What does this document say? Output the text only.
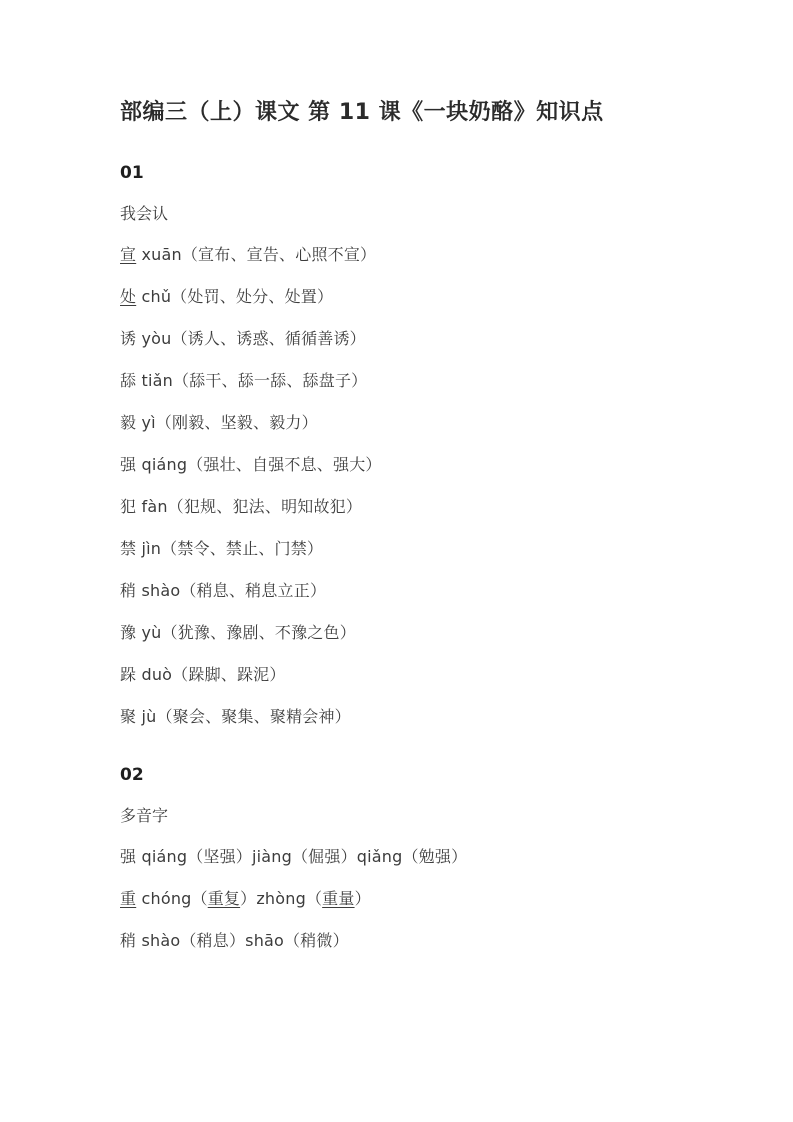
部编三（上）课文 第 11 课《一块奶酪》知识点

01

我会认

宣 xuān（宣布、宣告、心照不宣）

处 chǔ（处罚、处分、处置）

诱 yòu（诱人、诱惑、循循善诱）

舔 tiǎn（舔干、舔一舔、舔盘子）

毅 yì（刚毅、坚毅、毅力）

强 qiáng（强壮、自强不息、强大）

犯 fàn（犯规、犯法、明知故犯）

禁 jìn（禁令、禁止、门禁）

稍 shào（稍息、稍息立正）

豫 yù（犹豫、豫剧、不豫之色）

跺 duò（跺脚、跺泥）

聚 jù（聚会、聚集、聚精会神）

02

多音字

强 qiáng（坚强）jiàng（倔强）qiǎng（勉强）

重 chóng（重复）zhòng（重量）

稍 shào（稍息）shāo（稍微）
